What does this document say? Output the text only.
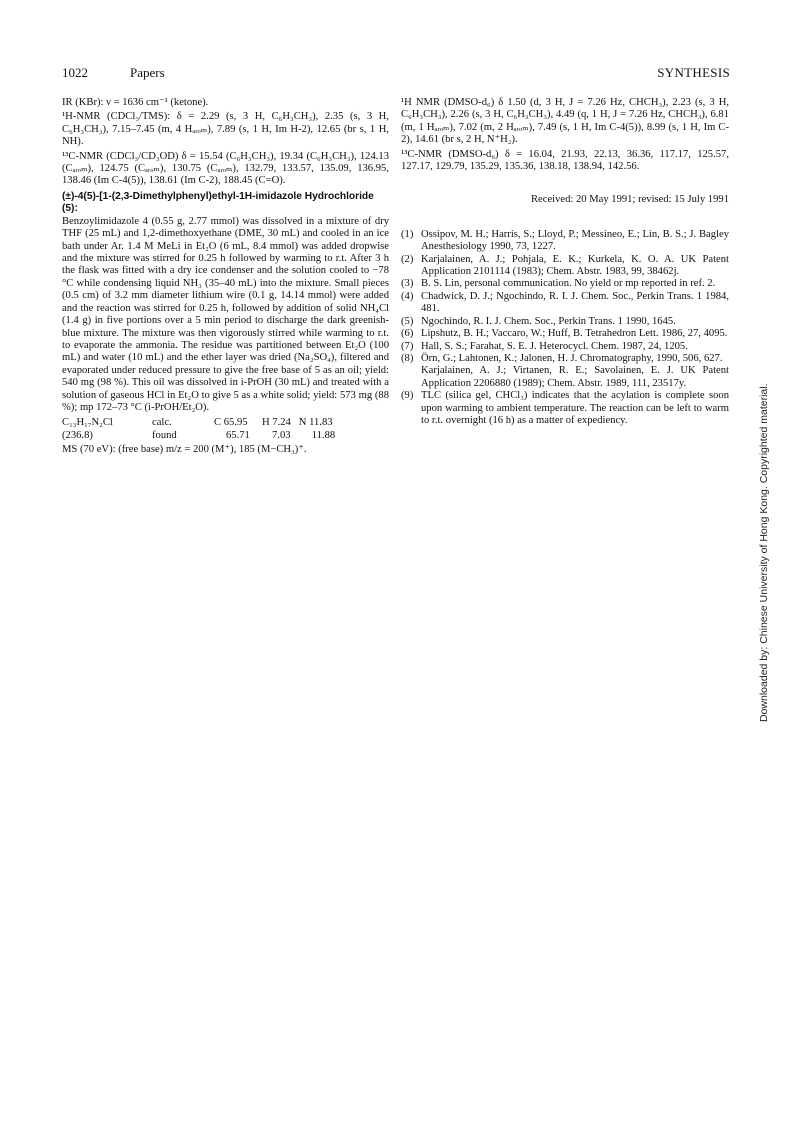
1022	Papers	SYNTHESIS

IR (KBr): ν = 1636 cm⁻¹ (ketone).

¹H-NMR (CDCl₃/TMS): δ = 2.29 (s, 3 H, C₆H₃CH₃), 2.35 (s, 3 H, C₆H₃CH₃), 7.15–7.45 (m, 4 Hₐᵣₒₘ), 7.89 (s, 1 H, Im H-2), 12.65 (br s, 1 H, NH).

¹³C-NMR (CDCl₃/CD₃OD) δ = 15.54 (C₆H₃CH₃), 19.34 (C₆H₃CH₃), 124.13 (Cₐᵣₒₘ), 124.75 (Cₐᵣₒₘ), 130.75 (Cₐᵣₒₘ), 132.79, 133.57, 135.09, 136.95, 138.46 (Im C-4(5)), 138.61 (Im C-2), 188.45 (C=O).

(±)-4(5)-[1-(2,3-Dimethylphenyl)ethyl-1H-imidazole Hydrochloride (5):

Benzoylimidazole 4 (0.55 g, 2.77 mmol) was dissolved in a mixture of dry THF (25 mL) and 1,2-dimethoxyethane (DME, 30 mL) and cooled in an ice bath under Ar. 1.4 M MeLi in Et₂O (6 mL, 8.4 mmol) was added dropwise and the mixture was stirred for 0.25 h followed by warming to r.t. After 3 h the flask was fitted with a dry ice condenser and the solution cooled to −78 °C while condensing liquid NH₃ (35–40 mL) into the mixture. Small pieces (0.5 cm) of 3.2 mm diameter lithium wire (0.1 g, 14.14 mmol) were added and the reaction was stirred for 0.25 h, followed by addition of solid NH₄Cl (1.4 g) in five portions over a 5 min period to discharge the dark greenish-blue mixture. The mixture was then vigorously stirred while warming to r.t. to evaporate the ammonia. The residue was partitioned between Et₂O (100 mL) and water (10 mL) and the ether layer was dried (Na₂SO₄), filtered and evaporated under reduced pressure to give the free base of 5 as an oil; yield: 540 mg (98 %). This oil was dissolved in i-PrOH (30 mL) and treated with a solution of gaseous HCl in Et₂O to give 5 as a white solid; yield: 573 mg (88 %); mp 172–73 °C (i-PrOH/Et₂O).

C₁₃H₁₇N₂Cl	calc.	C 65.95	H 7.24 N 11.83
(236.8)	found	65.71	7.03 11.88

MS (70 eV): (free base) m/z = 200 (M⁺), 185 (M−CH₃)⁺.

¹H NMR (DMSO-d₆) δ 1.50 (d, 3 H, J = 7.26 Hz, CHCH₃), 2.23 (s, 3 H, C₆H₃CH₃), 2.26 (s, 3 H, C₆H₃CH₃), 4.49 (q, 1 H, J = 7.26 Hz, CHCH₃), 6.81 (m, 1 Hₐᵣₒₘ), 7.02 (m, 2 Hₐᵣₒₘ), 7.49 (s, 1 H, Im C-4(5)), 8.99 (s, 1 H, Im C-2), 14.61 (br s, 2 H, N⁺H₂).

¹³C-NMR (DMSO-d₆) δ = 16.04, 21.93, 22.13, 36.36, 117.17, 125.57, 127.17, 129.79, 135.29, 135.36, 138.18, 138.94, 142.56.

Received: 20 May 1991; revised: 15 July 1991

(1) Ossipov, M. H.; Harris, S.; Lloyd, P.; Messineo, E.; Lin, B. S.; J. Bagley Anesthesiology 1990, 73, 1227.
(2) Karjalainen, A. J.; Pohjala, E. K.; Kurkela, K. O. A. UK Patent Application 2101114 (1983); Chem. Abstr. 1983, 99, 38462j.
(3) B. S. Lin, personal communication. No yield or mp reported in ref. 2.
(4) Chadwick, D. J.; Ngochindo, R. I. J. Chem. Soc., Perkin Trans. 1 1984, 481.
(5) Ngochindo, R. I. J. Chem. Soc., Perkin Trans. 1 1990, 1645.
(6) Lipshutz, B. H.; Vaccaro, W.; Huff, B. Tetrahedron Lett. 1986, 27, 4095.
(7) Hall, S. S.; Farahat, S. E. J. Heterocycl. Chem. 1987, 24, 1205.
(8) Örn, G.; Lahtonen, K.; Jalonen, H. J. Chromatography, 1990, 506, 627.
Karjalainen, A. J.; Virtanen, R. E.; Savolainen, E. J. UK Patent Application 2206880 (1989); Chem. Abstr. 1989, 111, 23517y.
(9) TLC (silica gel, CHCl₃) indicates that the acylation is complete soon upon warming to ambient temperature. The reaction can be left to warm to r.t. overnight (16 h) as a matter of expediency.	Downloaded by: Chinese University of Hong Kong. Copyrighted material.
